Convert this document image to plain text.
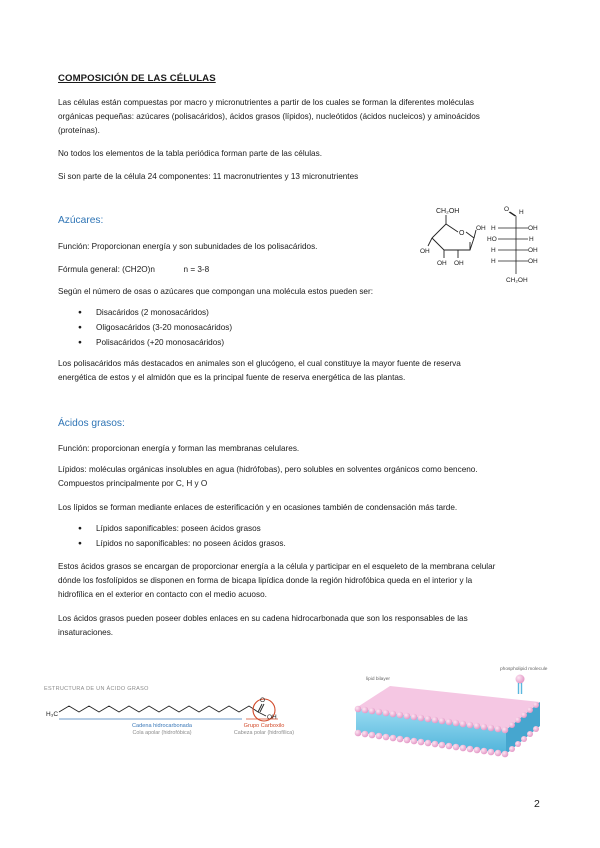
COMPOSICIÓN DE LAS CÉLULAS
Las células están compuestas por macro y micronutrientes a partir de los cuales se forman la diferentes moléculas
orgánicas pequeñas: azúcares (polisacáridos), ácidos grasos (lípidos), nucleótidos (ácidos nucleicos) y aminoácidos
(proteínas).
No todos los elementos de la tabla periódica forman parte de las células.
Si son parte de la célula 24 componentes: 11 macronutrientes y 13 micronutrientes
Azúcares:
Función: Proporcionan energía y son subunidades de los polisacáridos.
Fórmula general: (CH2O)n	n = 3-8
Según el número de osas o azúcares que compongan una molécula estos pueden ser:
● Disacáridos (2 monosacáridos)
● Oligosacáridos (3-20 monosacáridos)
● Polisacáridos (+20 monosacáridos)
Los polisacáridos más destacados en animales son el glucógeno, el cual constituye la mayor fuente de reserva
energética de estos y el almidón que es la principal fuente de reserva energética de las plantas.
CH₂OH
O
OH
OH
OH OH
O H
H	OH
HO	H
H	OH
H	OH
CH₂OH
Ácidos grasos:
Función: proporcionan energía y forman las membranas celulares.
Lípidos: moléculas orgánicas insolubles en agua (hidrófobas), pero solubles en solventes orgánicos como benceno.
Compuestos principalmente por C, H y O
Los lípidos se forman mediante enlaces de esterificación y en ocasiones también de condensación más tarde.
● Lípidos saponificables: poseen ácidos grasos
● Lípidos no saponificables: no poseen ácidos grasos.
Estos ácidos grasos se encargan de proporcionar energía a la célula y participar en el esqueleto de la membrana celular
dónde los fosfolípidos se disponen en forma de bicapa lipídica donde la región hidrofóbica queda en el interior y la
hidrofílica en el exterior en contacto con el medio acuoso.
Los ácidos grasos pueden poseer dobles enlaces en su cadena hidrocarbonada que son los responsables de las
insaturaciones.
ESTRUCTURA DE UN ÁCIDO GRASO
H₃C
O
OH
Cadena hidrocarbonada
Cola apolar (hidrofóbica)
Grupo Carboxilo
Cabeza polar (hidrofílica)
lipid bilayer
phospholipid molecule
2
